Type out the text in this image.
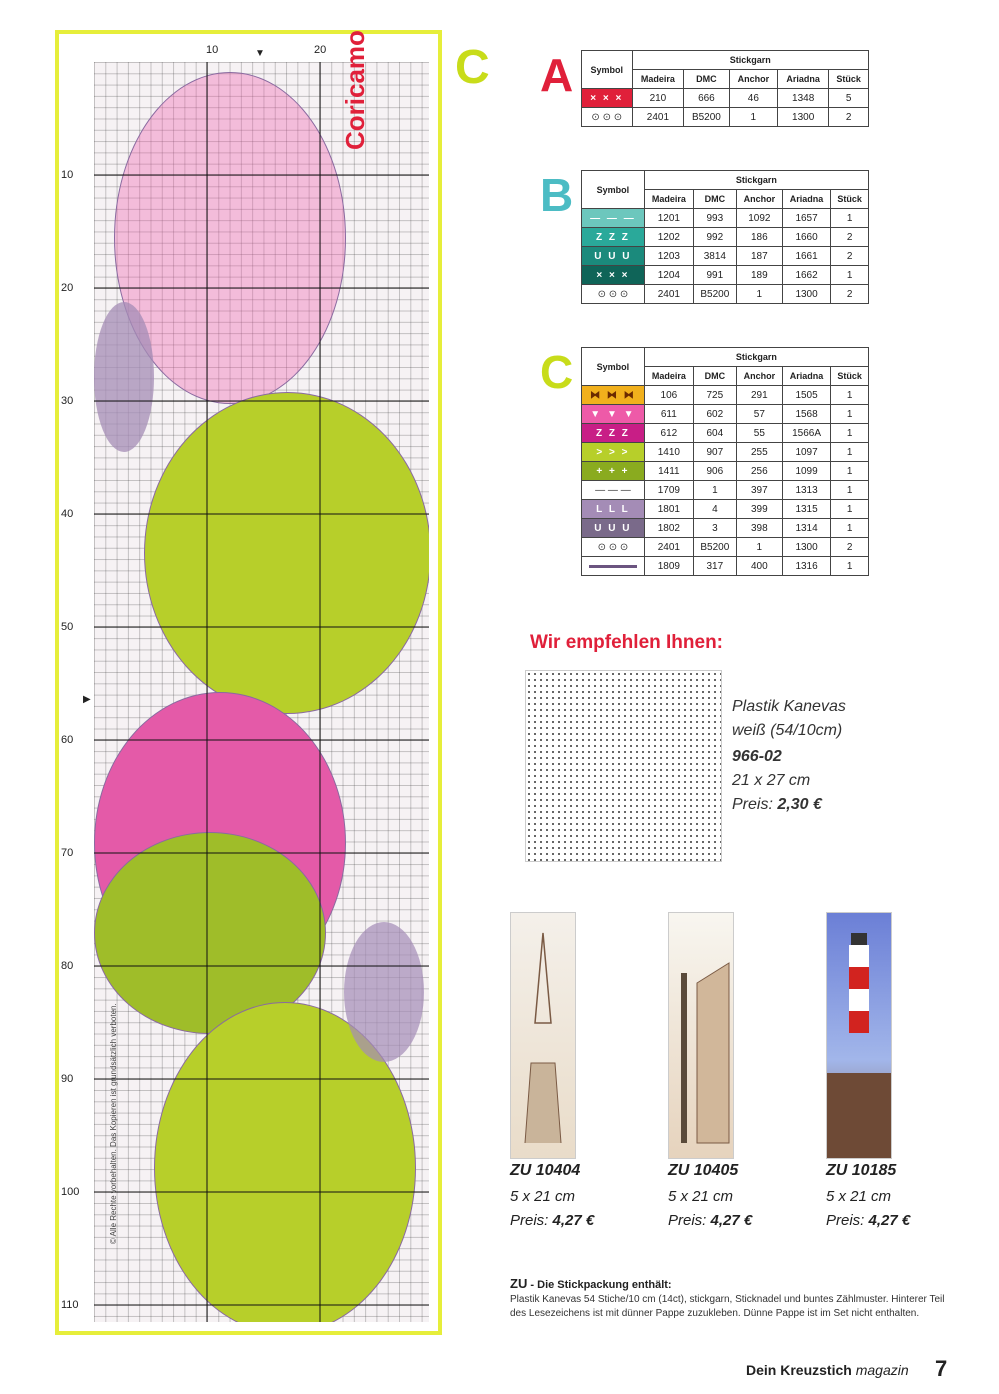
10	20
▼
▶
10
20
30
40
50
60
70
80
90
100
110
© Alle Rechte vorbehalten. Das Kopieren ist grundsätzlich verboten.
Coricamo C A Symbol	Stickgarn				
	Madeira	DMC	Anchor	Ariadna	Stück
× × ×	210	666	46	1348	5
⊙ ⊙ ⊙	2401	B5200	1	1300	2
B	Symbol	Stickgarn				
	Madeira	DMC	Anchor	Ariadna	Stück
— — —	1201	993	1092	1657	1
Z Z Z	1202	992	186	1660	2
U U U	1203	3814	187	1661	2
× × ×	1204	991	189	1662	1
⊙ ⊙ ⊙	2401	B5200	1	1300	2
C	Symbol	Stickgarn				
	Madeira	DMC	Anchor	Ariadna	Stück
⧓ ⧓ ⧓	106	725	291	1505	1
▼ ▼ ▼	611	602	57	1568	1
Z Z Z	612	604	55	1566A	1
> > >	1410	907	255	1097	1
+ + +	1411	906	256	1099	1
— — —	1709	1	397	1313	1
L L L	1801	4	399	1315	1
U U U	1802	3	398	1314	1
⊙ ⊙ ⊙	2401	B5200	1	1300	2

	1809	317	400	1316	1
Wir empfehlen Ihnen:
Plastik Kanevas
weiß (54/10cm)
966-02
21 x 27 cm
Preis: 2,30 €
ZU 10404
5 x 21 cm
Preis: 4,27 €
ZU 10405
5 x 21 cm
Preis: 4,27 €
ZU 10185
5 x 21 cm
Preis: 4,27 €
ZU - Die Stickpackung enthält:
Plastik Kanevas 54 Stiche/10 cm (14ct), stickgarn, Sticknadel und buntes Zählmuster. Hinterer Teil des Lesezeichens ist mit dünner Pappe zuzukleben. Dünne Pappe ist im Set nicht enthalten.
Dein Kreuzstich magazin 7
